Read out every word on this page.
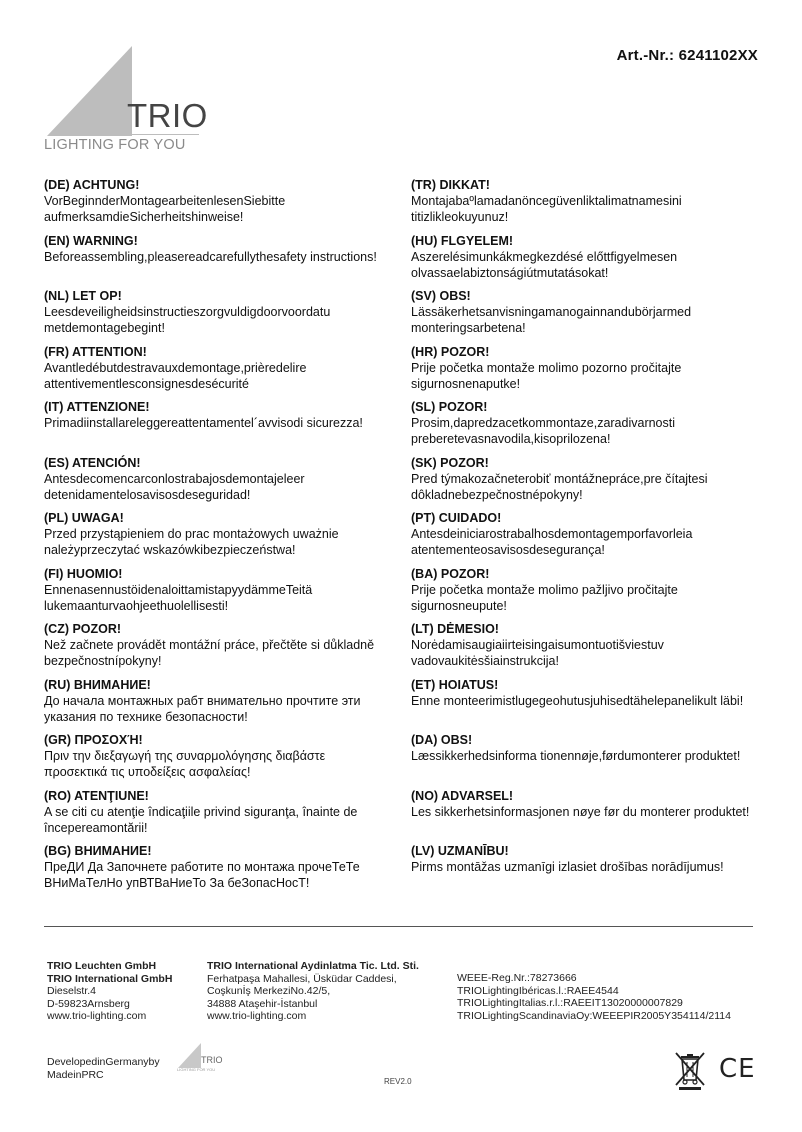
Art.-Nr.: 6241102XX
TRIO
LIGHTING FOR YOU
(DE) ACHTUNG!
VorBeginnderMontagearbeitenlesenSiebitte aufmerksamdieSicherheitshinweise!
(EN) WARNING!
Beforeassembling,pleasereadcarefullythesafety instructions!
(NL) LET OP!
Leesdeveiligheidsinstructieszorgvuldigdoorvoordatu metdemontagebegint!
(FR) ATTENTION!
Avantledébutdestravauxdemontage,prièredelire attentivementlesconsignesdesécurité
(IT) ATTENZIONE!
Primadiinstallareleggereattentamentel´avvisodi sicurezza!
(ES) ATENCIÓN!
Antesdecomencarconlostrabajosdemontajeleer detenidamentelosavisosdeseguridad!
(PL) UWAGA!
Przed przystąpieniem do prac montażowych uważnie należyprzeczytać wskazówkibezpieczeństwa!
(FI) HUOMIO!
EnnenasennustöidenaloittamistapyydämmeTeitä lukemaanturvaohjeethuolellisesti!
(CZ) POZOR!
Než začnete provádět montážní práce, přečtěte si důkladně bezpečnostnípokyny!
(RU) ВНИМАНИЕ!
До начала монтажных рабт внимательно прочтите эти указания по технике безопасности!
(GR) ΠΡΟΣΟΧΉ!
Πριν την διεξαγωγή της συναρμολόγησης διαβάστε προσεκτικά τις υποδείξεις ασφαλείας!
(RO) ATENŢIUNE!
A se citi cu atenţie îndicaţiile privind siguranţa, înainte de începereamontării!
(BG) ВНИМАНИЕ!
ПреДИ Да Започнете работите по монтажа прочеТеТе ВНиМаТелНо упВТВаНиеТо За беЗопасНосТ!
(TR) DIKKAT!
Montajabaºlamadanöncegüvenliktalimatnamesini titizlikleokuyunuz!
(HU) FLGYELEM!
Aszerelésimunkákmegkezdésé előttfigyelmesen olvassaelabiztonságiútmutatásokat!
(SV) OBS!
Lässäkerhetsanvisningamanogainnandubörjarmed monteringsarbetena!
(HR) POZOR!
Prije početka montaže molimo pozorno pročitajte sigurnosnenaputke!
(SL) POZOR!
Prosim,dapredzacetkommontaze,zaradivarnosti preberetevasnavodila,kisoprilozena!
(SK) POZOR!
Pred týmakozačneterobiť montážnepráce,pre čítajtesi dôkladnebezpečnostnépokyny!
(PT) CUIDADO!
Antesdeiniciarostrabalhosdemontagemporfavorleia atentementeosavisosdesegurança!
(BA) POZOR!
Prije početka montaže molimo pažljivo pročitajte sigurnosneupute!
(LT) DĖMESIO!
Norėdamisaugiaiirteisingaisumontuotišviestuv vadovaukitėsšiainstrukcija!
(ET) HOIATUS!
Enne monteerimistlugegeohutusjuhisedtähelepanelikult läbi!
(DA) OBS!
Læssikkerhedsinforma tionennøje,førdumonterer produktet!
(NO) ADVARSEL!
Les sikkerhetsinformasjonen nøye før du monterer produktet!
(LV) UZMANĪBU!
Pirms montāžas uzmanīgi izlasiet drošības norādījumus!
TRIO Leuchten GmbH
TRIO International GmbH
Dieselstr.4
D-59823Arnsberg
www.trio-lighting.com
TRIO International Aydinlatma Tic. Ltd. Sti.
Ferhatpaşa Mahallesi, Üsküdar Caddesi,
Coşkunİş MerkeziNo.42/5,
34888 Ataşehir-İstanbul
www.trio-lighting.com
WEEE-Reg.Nr.:78273666
TRIOLightingIbéricas.l.:RAEE4544
TRIOLightingItalias.r.l.:RAEEIT13020000007829
TRIOLightingScandinaviaOy:WEEEPIR2005Y354114/2114
DevelopedinGermanyby
MadeinPRC
TRIO
LIGHTING FOR YOU
REV2.0	CE
